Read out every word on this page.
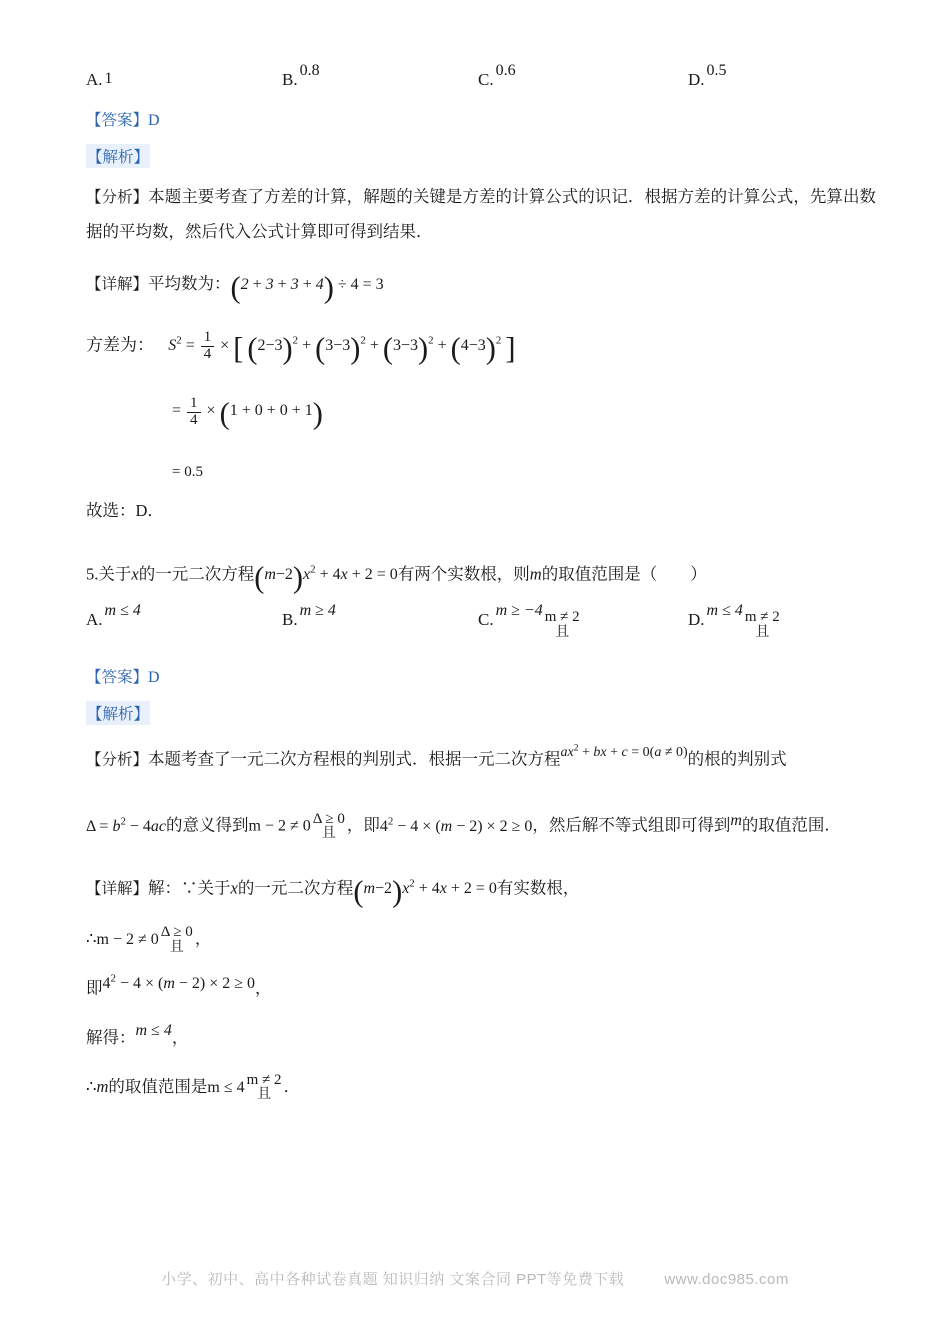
A. 1	B. 0.8	C. 0.6	D. 0.5
【答案】D
【解析】

【分析】本题主要考查了方差的计算，解题的关键是方差的计算公式的识记．根据方差的计算公式，先算出数据的平均数，然后代入公式计算即可得到结果．

【详解】平均数为：(2 + 3 + 3 + 4) ÷ 4 = 3

方差为： $S^2 = \frac{1}{4}$ × [ $(2-3)^2 + (3-3)^2 + (3-3)^2 + (4-3)^2$ ]
= $\frac{1}{4} \times (1 + 0 + 0 + 1)$
= 0.5

故选：D．

5.关于x的一元二次方程$(m-2)x^2 + 4x + 2 = 0$有两个实数根，则m的取值范围是（　　）

A. m ≤ 4	B. m ≥ 4	C. m ≥ −4 m ≠ 2
且
D. m ≤ 4 m ≠ 2
且
【答案】D
【解析】

【分析】本题考查了一元二次方程根的判别式．根据一元二次方程$^{ax^2 + bx + c = 0(a \ne 0)}$的根的判别式

$\Delta = b^2 - 4ac$的意义得到m − 2 ≠ 0 Δ ≥ 0
且 ，即$4^2 - 4 \times (m - 2) \times 2 \ge 0$，然后解不等式组即可得到m的取值范围．

【详解】解：∵关于x的一元二次方程$(m-2)x^2 + 4x + 2 = 0$有实数根，

∴m − 2 ≠ 0 Δ ≥ 0
且 ，

即$4^2 - 4 \times (m - 2) \times 2 \ge 0$，

解得：m ≤ 4，

∴m的取值范围是m ≤ 4 m ≠ 2
且 ．

小学、初中、高中各种试卷真题 知识归纳 文案合同 PPT等免费下载	www.doc985.com
